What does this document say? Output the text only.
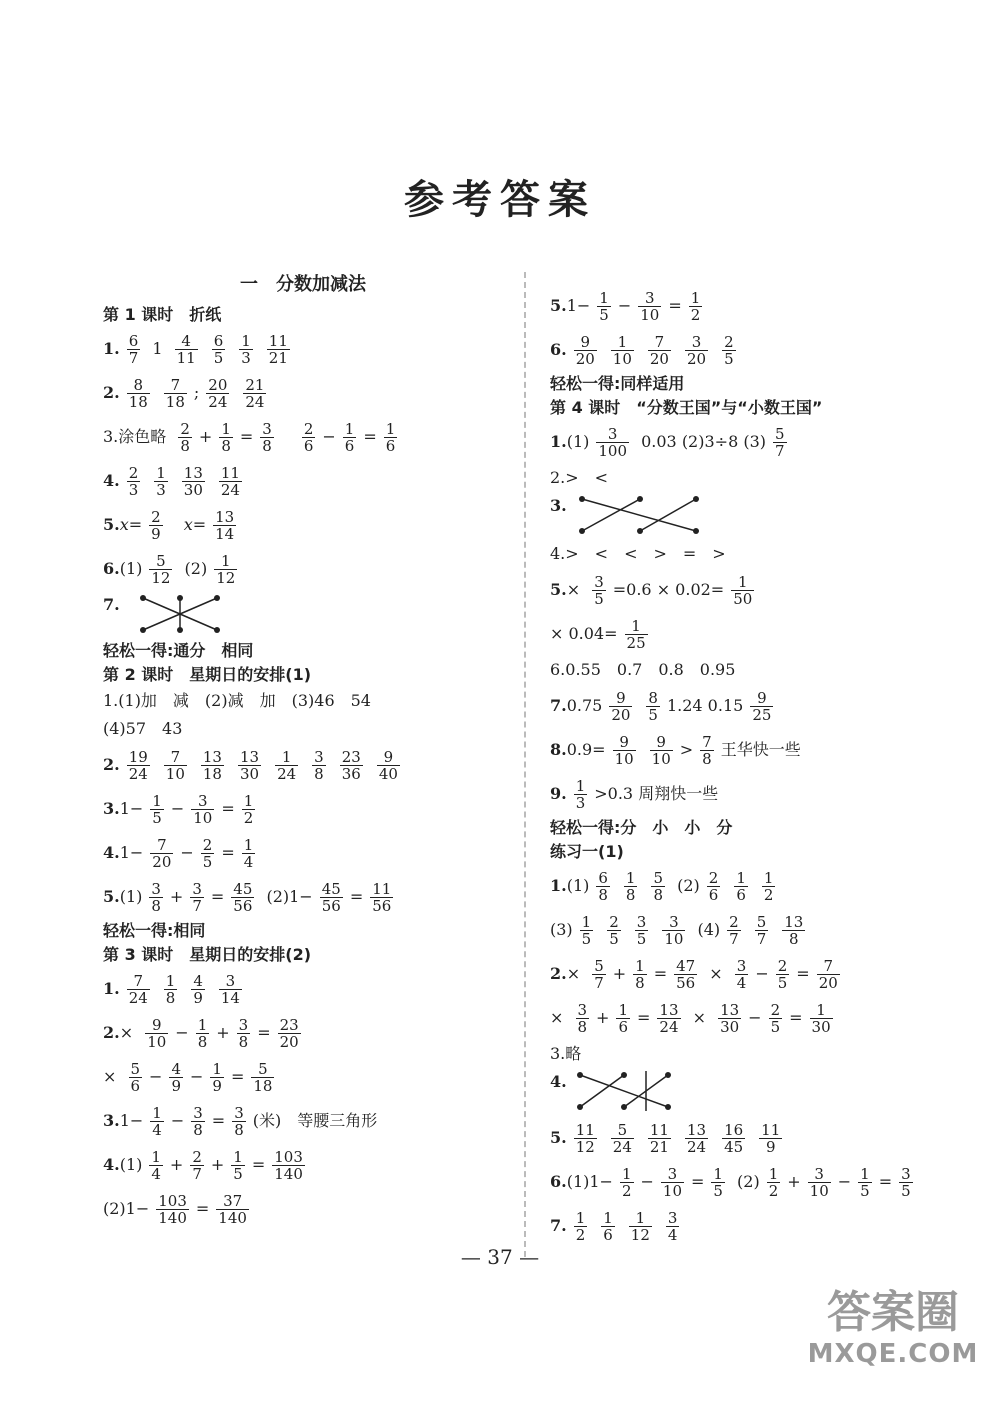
参考答案
一　分数加减法
第 1 课时　折纸
1. $\frac{6}{7} 1 \frac{4}{11} \frac{6}{5} \frac{1}{3} \frac{11}{21}$
2. $\frac{8}{18} \frac{7}{18}$ ; $\frac{20}{24} \frac{21}{24}$
3.涂色略 $\frac{2}{8} + \frac{1}{8} = \frac{3}{8} \frac{2}{6} - \frac{1}{6} = \frac{1}{6}$
4. $\frac{2}{3} \frac{1}{3} \frac{13}{30} \frac{11}{24}$
$5.x= \frac{2}{9} x= \frac{13}{14}$
$6.(1) \frac{5}{12} (2) \frac{1}{12}$
7.
轻松一得:通分　相同
第 2 课时　星期日的安排(1)
1.(1)加　减　(2)减　加　(3)46　54
(4)57　43
2. $\frac{19}{24} \frac{7}{10} \frac{13}{18} \frac{13}{30} \frac{1}{24} \frac{3}{8} \frac{23}{36} \frac{9}{40}$
$3.1- \frac{1}{5} - \frac{3}{10} = \frac{1}{2}$
$4.1- \frac{7}{20} - \frac{2}{5} = \frac{1}{4}$
$5.(1) \frac{3}{8} + \frac{3}{7} = \frac{45}{56} (2)1- \frac{45}{56} = \frac{11}{56}$
轻松一得:相同
第 3 课时　星期日的安排(2)
1. $\frac{7}{24} \frac{1}{8} \frac{4}{9} \frac{3}{14}$
$2.\times \frac{9}{10} - \frac{1}{8} + \frac{3}{8} = \frac{23}{20}$
× $\frac{5}{6} - \frac{4}{9} - \frac{1}{9} = \frac{5}{18}$
$3.1- \frac{1}{4} - \frac{3}{8} = \frac{3}{8}$ (米)　等腰三角形
$4.(1) \frac{1}{4} + \frac{2}{7} + \frac{1}{5} = \frac{103}{140}$
$(2)1- \frac{103}{140} = \frac{37}{140}$
$5.1- \frac{1}{5} - \frac{3}{10} = \frac{1}{2}$
6. $\frac{9}{20} \frac{1}{10} \frac{7}{20} \frac{3}{20} \frac{2}{5}$
轻松一得:同样适用
第 4 课时　“分数王国”与“小数王国”
$1.(1) \frac{3}{100} 0.03$ (2)3÷8 $(3) \frac{5}{7}$
2.>　<
3.
4.>　<　<　>　=　>
$5.\times \frac{3}{5} =0.6 \times 0.02= \frac{1}{50}$
× $0.04= \frac{1}{25}$
6.0.55　0.7　0.8　0.95
$7.0.75 \frac{9}{20} \frac{8}{5} 1.24$ $0.15 \frac{9}{25}$
$8.0.9= \frac{9}{10} \frac{9}{10} > \frac{7}{8}$ 王华快一些
9. $\frac{1}{3} >0.3$ 周翔快一些
轻松一得:分　小　小　分
练习一(1)
$1.(1) \frac{6}{8} \frac{1}{8} \frac{5}{8} (2) \frac{2}{6} \frac{1}{6} \frac{1}{2}$
$(3) \frac{1}{5} \frac{2}{5} \frac{3}{5} \frac{3}{10} (4) \frac{2}{7} \frac{5}{7} \frac{13}{8}$
$2.\times \frac{5}{7} + \frac{1}{8} = \frac{47}{56} \times \frac{3}{4} - \frac{2}{5} = \frac{7}{20}$
× $\frac{3}{8} + \frac{1}{6} = \frac{13}{24} \times \frac{13}{30} - \frac{2}{5} = \frac{1}{30}$
3.略
4.
5. $\frac{11}{12} \frac{5}{24} \frac{11}{21} \frac{13}{24} \frac{16}{45} \frac{11}{9}$
$6.(1)1- \frac{1}{2} - \frac{3}{10} = \frac{1}{5} (2) \frac{1}{2} + \frac{3}{10} - \frac{1}{5} = \frac{3}{5}$
7. $\frac{1}{2} \frac{1}{6} \frac{1}{12} \frac{3}{4}$
— 37 —
答案圈
MXQE.COM
